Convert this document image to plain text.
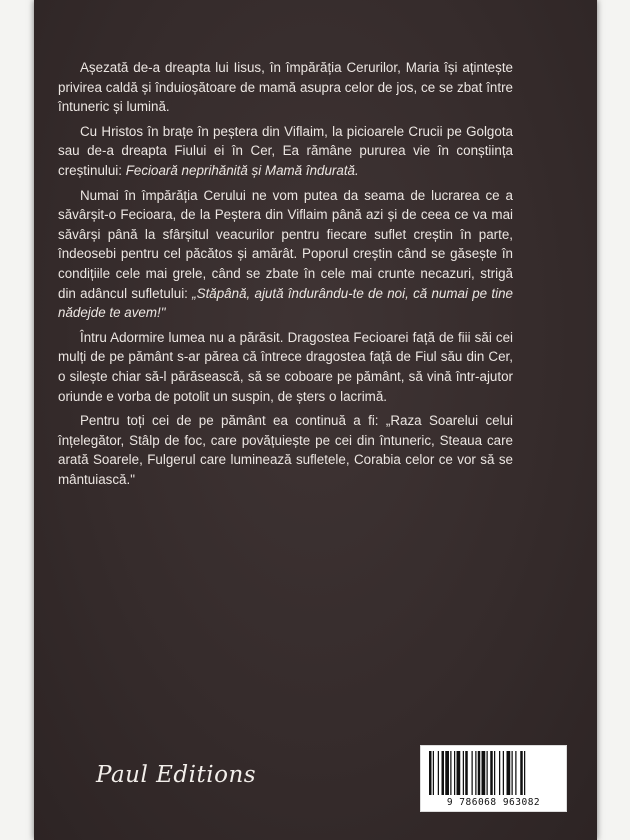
Așezată de-a dreapta lui Iisus, în împărăția Cerurilor, Maria își ațintește privirea caldă și înduioșătoare de mamă asupra celor de jos, ce se zbat între întuneric și lumină.

Cu Hristos în brațe în peștera din Viflaim, la picioarele Crucii pe Golgota sau de-a dreapta Fiului ei în Cer, Ea rămâne pururea vie în conștiința creștinului: Fecioară neprihănită și Mamă îndurată.

Numai în împărăția Cerului ne vom putea da seama de lucrarea ce a săvârșit-o Fecioara, de la Peștera din Viflaim până azi și de ceea ce va mai săvârși până la sfârșitul veacurilor pentru fiecare suflet creștin în parte, îndeosebi pentru cel păcătos și amărât. Poporul creștin când se găsește în condițiile cele mai grele, când se zbate în cele mai crunte necazuri, strigă din adâncul sufletului: „Stăpână, ajută îndurându-te de noi, că numai pe tine nădejde te avem!"

Întru Adormire lumea nu a părăsit. Dragostea Fecioarei față de fiii săi cei mulți de pe pământ s-ar părea că întrece dragostea față de Fiul său din Cer, o silește chiar să-l părăsească, să se coboare pe pământ, să vină într-ajutor oriunde e vorba de potolit un suspin, de șters o lacrimă.

Pentru toți cei de pe pământ ea continuă a fi: „Raza Soarelui celui înțelegător, Stâlp de foc, care povățuiește pe cei din întuneric, Steaua care arată Soarele, Fulgerul care luminează sufletele, Corabia celor ce vor să se mântuiască."

Paul Editions
9 786068 963082
